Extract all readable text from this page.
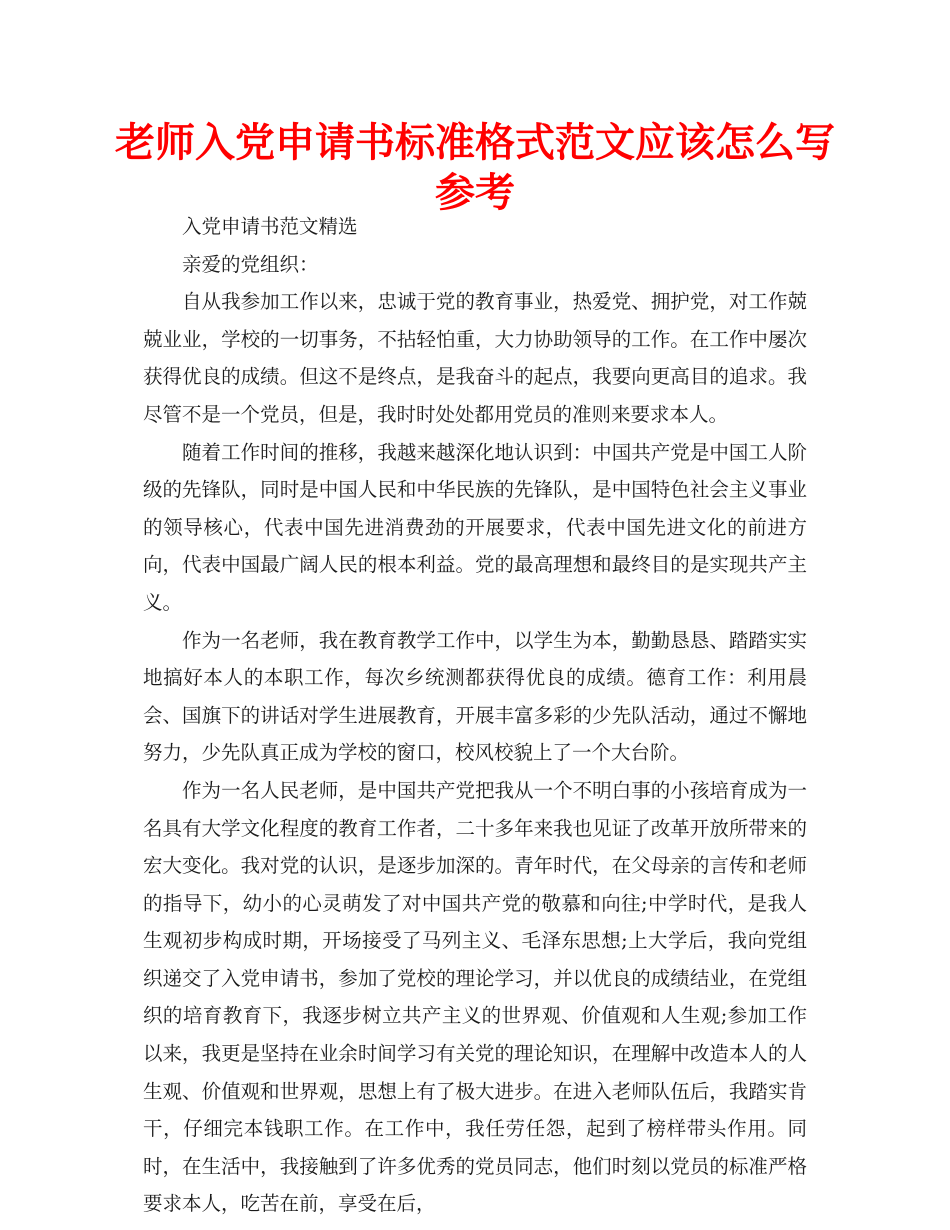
老师入党申请书标准格式范文应该怎么写参考

入党申请书范文精选

亲爱的党组织：

自从我参加工作以来，忠诚于党的教育事业，热爱党、拥护党，对工作兢兢业业，学校的一切事务，不拈轻怕重，大力协助领导的工作。在工作中屡次获得优良的成绩。但这不是终点，是我奋斗的起点，我要向更高目的追求。我尽管不是一个党员，但是，我时时处处都用党员的准则来要求本人。

随着工作时间的推移，我越来越深化地认识到：中国共产党是中国工人阶级的先锋队，同时是中国人民和中华民族的先锋队，是中国特色社会主义事业的领导核心，代表中国先进消费劲的开展要求，代表中国先进文化的前进方向，代表中国最广阔人民的根本利益。党的最高理想和最终目的是实现共产主义。

作为一名老师，我在教育教学工作中，以学生为本，勤勤恳恳、踏踏实实地搞好本人的本职工作，每次乡统测都获得优良的成绩。德育工作：利用晨会、国旗下的讲话对学生进展教育，开展丰富多彩的少先队活动，通过不懈地努力，少先队真正成为学校的窗口，校风校貌上了一个大台阶。

作为一名人民老师，是中国共产党把我从一个不明白事的小孩培育成为一名具有大学文化程度的教育工作者，二十多年来我也见证了改革开放所带来的宏大变化。我对党的认识，是逐步加深的。青年时代，在父母亲的言传和老师的指导下，幼小的心灵萌发了对中国共产党的敬慕和向往;中学时代，是我人生观初步构成时期，开场接受了马列主义、毛泽东思想;上大学后，我向党组织递交了入党申请书，参加了党校的理论学习，并以优良的成绩结业，在党组织的培育教育下，我逐步树立共产主义的世界观、价值观和人生观;参加工作以来，我更是坚持在业余时间学习有关党的理论知识，在理解中改造本人的人生观、价值观和世界观，思想上有了极大进步。在进入老师队伍后，我踏实肯干，仔细完本钱职工作。在工作中，我任劳任怨，起到了榜样带头作用。同时，在生活中，我接触到了许多优秀的党员同志，他们时刻以党员的标准严格要求本人，吃苦在前，享受在后，
